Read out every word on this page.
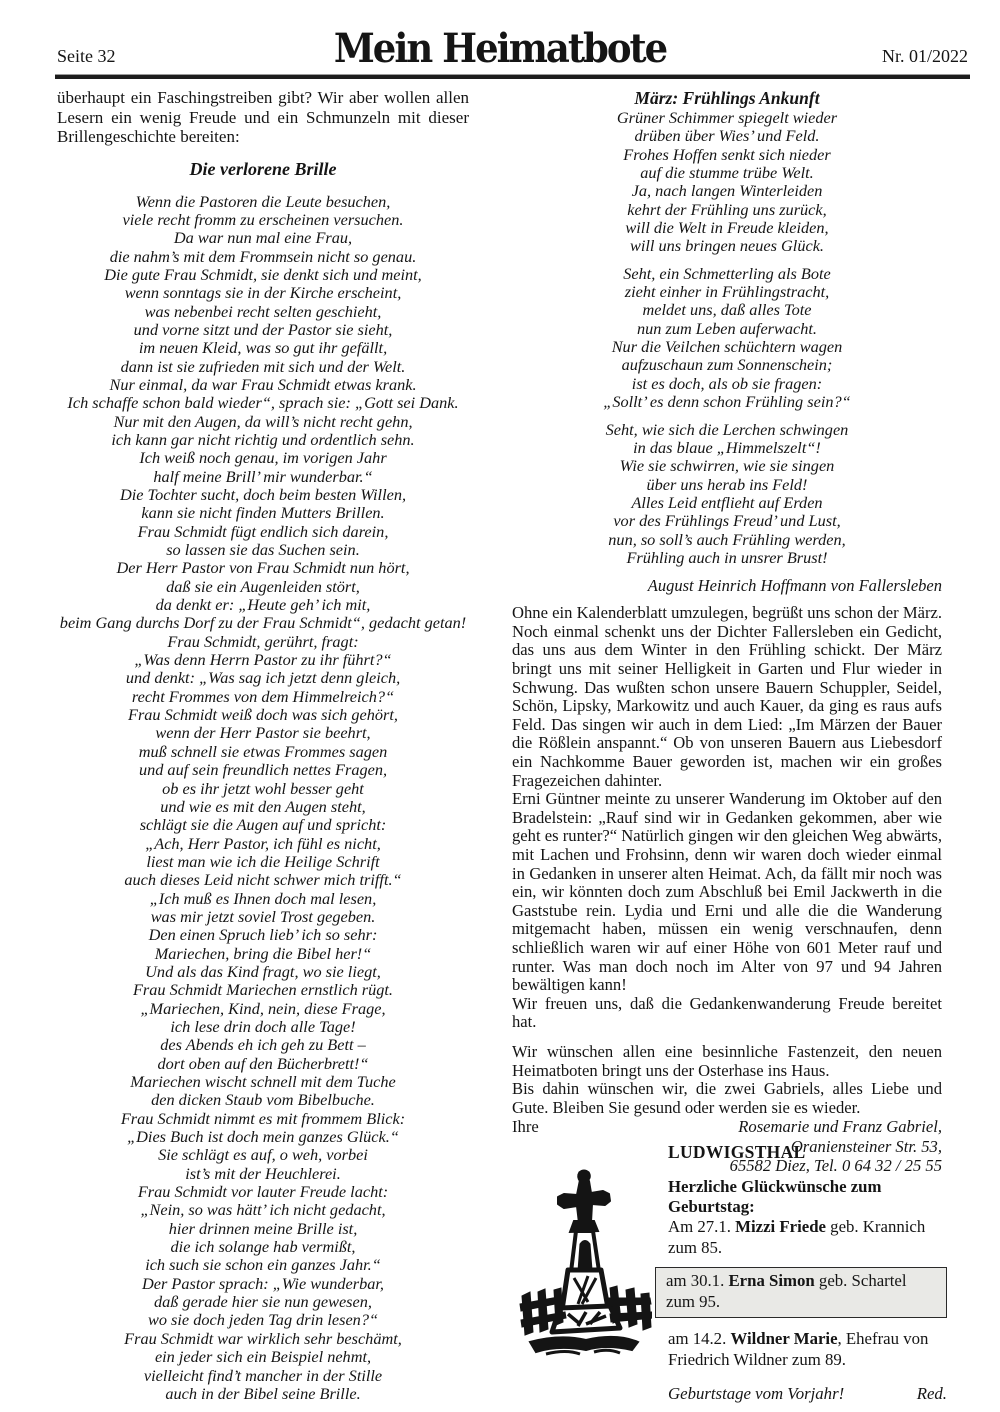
Seite 32	Mein Heimatbote	Nr. 01/2022
überhaupt ein Faschingstreiben gibt? Wir aber wollen allen Lesern ein wenig Freude und ein Schmunzeln mit dieser Brillengeschichte bereiten:
Die verlorene Brille
Wenn die Pastoren die Leute besuchen,
viele recht fromm zu erscheinen versuchen.
Da war nun mal eine Frau,
die nahm’s mit dem Frommsein nicht so genau.
Die gute Frau Schmidt, sie denkt sich und meint,
wenn sonntags sie in der Kirche erscheint,
was nebenbei recht selten geschieht,
und vorne sitzt und der Pastor sie sieht,
im neuen Kleid, was so gut ihr gefällt,
dann ist sie zufrieden mit sich und der Welt.
Nur einmal, da war Frau Schmidt etwas krank.
Ich schaffe schon bald wieder“, sprach sie: „Gott sei Dank.
Nur mit den Augen, da will’s nicht recht gehn,
ich kann gar nicht richtig und ordentlich sehn.
Ich weiß noch genau, im vorigen Jahr
half meine Brill’ mir wunderbar.“
Die Tochter sucht, doch beim besten Willen,
kann sie nicht finden Mutters Brillen.
Frau Schmidt fügt endlich sich darein,
so lassen sie das Suchen sein.
Der Herr Pastor von Frau Schmidt nun hört,
daß sie ein Augenleiden stört,
da denkt er: „Heute geh’ ich mit,
beim Gang durchs Dorf zu der Frau Schmidt“, gedacht getan!
Frau Schmidt, gerührt, fragt:
„Was denn Herrn Pastor zu ihr führt?“
und denkt: „Was sag ich jetzt denn gleich,
recht Frommes von dem Himmelreich?“
Frau Schmidt weiß doch was sich gehört,
wenn der Herr Pastor sie beehrt,
muß schnell sie etwas Frommes sagen
und auf sein freundlich nettes Fragen,
ob es ihr jetzt wohl besser geht
und wie es mit den Augen steht,
schlägt sie die Augen auf und spricht:
„Ach, Herr Pastor, ich fühl es nicht,
liest man wie ich die Heilige Schrift
auch dieses Leid nicht schwer mich trifft.“
„Ich muß es Ihnen doch mal lesen,
was mir jetzt soviel Trost gegeben.
Den einen Spruch lieb’ ich so sehr:
Mariechen, bring die Bibel her!“
Und als das Kind fragt, wo sie liegt,
Frau Schmidt Mariechen ernstlich rügt.
„Mariechen, Kind, nein, diese Frage,
ich lese drin doch alle Tage!
des Abends eh ich geh zu Bett –
dort oben auf den Bücherbrett!“
Mariechen wischt schnell mit dem Tuche
den dicken Staub vom Bibelbuche.
Frau Schmidt nimmt es mit frommem Blick:
„Dies Buch ist doch mein ganzes Glück.“
Sie schlägt es auf, o weh, vorbei
ist’s mit der Heuchlerei.
Frau Schmidt vor lauter Freude lacht:
„Nein, so was hätt’ ich nicht gedacht,
hier drinnen meine Brille ist,
die ich solange hab vermißt,
ich such sie schon ein ganzes Jahr.“
Der Pastor sprach: „Wie wunderbar,
daß gerade hier sie nun gewesen,
wo sie doch jeden Tag drin lesen?“
Frau Schmidt war wirklich sehr beschämt,
ein jeder sich ein Beispiel nehmt,
vielleicht find’t mancher in der Stille
auch in der Bibel seine Brille.
März: Frühlings Ankunft
Grüner Schimmer spiegelt wieder
drüben über Wies’ und Feld.
Frohes Hoffen senkt sich nieder
auf die stumme trübe Welt.
Ja, nach langen Winterleiden
kehrt der Frühling uns zurück,
will die Welt in Freude kleiden,
will uns bringen neues Glück.
Seht, ein Schmetterling als Bote
zieht einher in Frühlingstracht,
meldet uns, daß alles Tote
nun zum Leben auferwacht.
Nur die Veilchen schüchtern wagen
aufzuschaun zum Sonnenschein;
ist es doch, als ob sie fragen:
„Sollt’ es denn schon Frühling sein?“
Seht, wie sich die Lerchen schwingen
in das blaue „Himmelszelt“!
Wie sie schwirren, wie sie singen
über uns herab ins Feld!
Alles Leid entflieht auf Erden
vor des Frühlings Freud’ und Lust,
nun, so soll’s auch Frühling werden,
Frühling auch in unsrer Brust!
August Heinrich Hoffmann von Fallersleben

Ohne ein Kalenderblatt umzulegen, begrüßt uns schon der März. Noch einmal schenkt uns der Dichter Fallersleben ein Gedicht, das uns aus dem Winter in den Frühling schickt. Der März bringt uns mit seiner Helligkeit in Garten und Flur wieder in Schwung. Das wußten schon unsere Bauern Schuppler, Seidel, Schön, Lipsky, Markowitz und auch Kauer, da ging es raus aufs Feld. Das singen wir auch in dem Lied: „Im Märzen der Bauer die Rößlein anspannt.“ Ob von unseren Bauern aus Liebesdorf ein Nachkomme Bauer geworden ist, machen wir ein großes Fragezeichen dahinter.

Erni Güntner meinte zu unserer Wanderung im Oktober auf den Bradelstein: „Rauf sind wir in Gedanken gekommen, aber wie geht es runter?“ Natürlich gingen wir den gleichen Weg abwärts, mit Lachen und Frohsinn, denn wir waren doch wieder einmal in Gedanken in unserer alten Heimat. Ach, da fällt mir noch was ein, wir könnten doch zum Abschluß bei Emil Jackwerth in die Gaststube rein. Lydia und Erni und alle die die Wanderung mitgemacht haben, müssen ein wenig verschnaufen, denn schließlich waren wir auf einer Höhe von 601 Meter rauf und runter. Was man doch noch im Alter von 97 und 94 Jahren bewältigen kann!

Wir freuen uns, daß die Gedankenwanderung Freude bereitet hat.

Wir wünschen allen eine besinnliche Fastenzeit, den neuen Heimatboten bringt uns der Osterhase ins Haus.

Bis dahin wünschen wir, die zwei Gabriels, alles Liebe und Gute. Bleiben Sie gesund oder werden sie es wieder.

Ihre	Rosemarie und Franz Gabriel,
Oraniensteiner Str. 53,
65582 Diez, Tel. 0 64 32 / 25 55
LUDWIGSTHAL
Herzliche Glückwünsche zum Geburtstag:
Am 27.1. Mizzi Friede geb. Krannich zum 85.
am 30.1. Erna Simon geb. Schartel zum 95.
am 14.2. Wildner Marie, Ehefrau von Friedrich Wildner zum 89.
Geburtstage vom Vorjahr!	Red.
